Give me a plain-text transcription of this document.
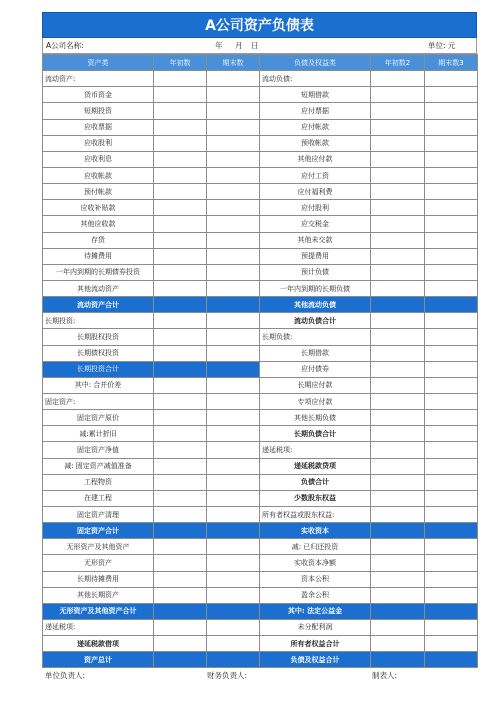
A公司资产负债表
A公司名称:	年 月 日	单位: 元
资产类	年初数	期末数	负债及权益类	年初数2	期末数3
流动资产:			流动负债:		
货币资金			短期借款		
短期投资			应付票据		
应收票据			应付帐款		
应收股利			预收帐款		
应收利息			其他应付款		
应收帐款			应付工资		
预付帐款			应付福利费		
应收补贴款			应付股利		
其他应收款			应交税金		
存货			其他未交款		
待摊费用			预提费用		
一年内到期的长期债券投资			预计负债		
其他流动资产			一年内到期的长期负债		
流动资产合计			其他流动负债		
长期投资:			流动负债合计		
长期股权投资			长期负债:		
长期债权投资			长期借款		
长期投资合计			应付债券		
其中: 合并价差			长期应付款		
固定资产:			专项应付款		
固定资产原价			其他长期负债		
减:累计折旧			长期负债合计		
固定资产净值			递延税项:		
减: 固定资产减值准备			递延税款贷项		
工程物资			负债合计		
在建工程			少数股东权益		
固定资产清理			所有者权益或股东权益:		
固定资产合计			实收资本		
无形资产及其他资产			减: 已归还投资		
无形资产			实收资本净额		
长期待摊费用			资本公积		
其他长期资产			盈余公积		
无形资产及其他资产合计			其中: 法定公益金		
递延税项:			未分配利润		
递延税款借项			所有者权益合计		
资产总计			负债及权益合计		
单位负责人:	财务负责人:	制表人:
